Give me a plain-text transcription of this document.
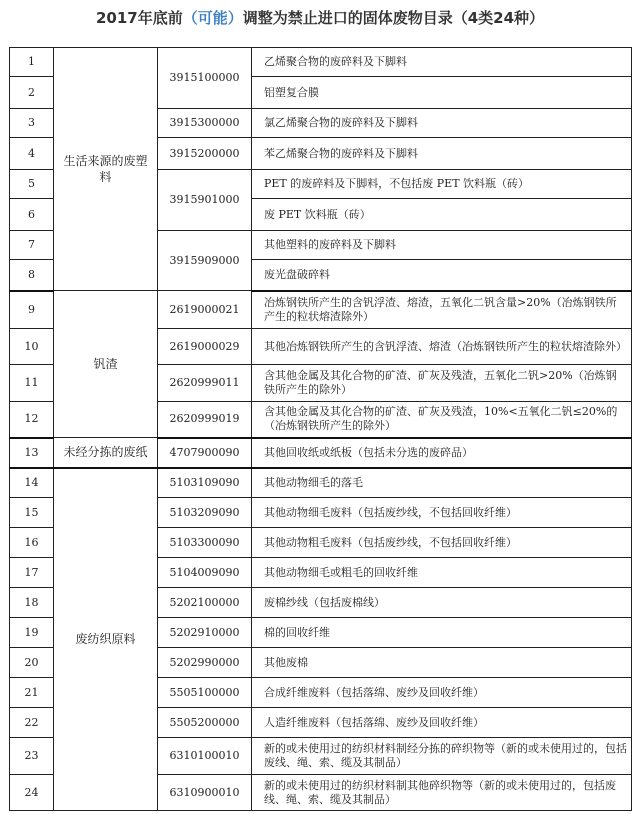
2017年底前（可能）调整为禁止进口的固体废物目录（4类24种）
1	生活来源的废塑料	3915100000	乙烯聚合物的废碎料及下脚料
2			铝塑复合膜
3		3915300000	氯乙烯聚合物的废碎料及下脚料
4		3915200000	苯乙烯聚合物的废碎料及下脚料
5		3915901000	PET 的废碎料及下脚料，不包括废 PET 饮料瓶（砖）
6			废 PET 饮料瓶（砖）
7		3915909000	其他塑料的废碎料及下脚料
8			废光盘破碎料
9	钒渣	2619000021	冶炼钢铁所产生的含钒浮渣、熔渣，五氧化二钒含量>20%（冶炼钢铁所产生的粒状熔渣除外）
10		2619000029	其他冶炼钢铁所产生的含钒浮渣、熔渣（冶炼钢铁所产生的粒状熔渣除外）
11		2620999011	含其他金属及其化合物的矿渣、矿灰及残渣，五氧化二钒>20%（冶炼钢铁所产生的除外）
12		2620999019	含其他金属及其化合物的矿渣、矿灰及残渣，10%<五氧化二钒≤20%的（冶炼钢铁所产生的除外）
13	未经分拣的废纸	4707900090	其他回收纸或纸板（包括未分选的废碎品）
14	废纺织原料	5103109090	其他动物细毛的落毛
15		5103209090	其他动物细毛废料（包括废纱线，不包括回收纤维）
16		5103300090	其他动物粗毛废料（包括废纱线，不包括回收纤维）
17		5104009090	其他动物细毛或粗毛的回收纤维
18		5202100000	废棉纱线（包括废棉线）
19		5202910000	棉的回收纤维
20		5202990000	其他废棉
21		5505100000	合成纤维废料（包括落绵、废纱及回收纤维）
22		5505200000	人造纤维废料（包括落绵、废纱及回收纤维）
23		6310100010	新的或未使用过的纺织材料制经分拣的碎织物等（新的或未使用过的，包括废线、绳、索、缆及其制品）
24		6310900010	新的或未使用过的纺织材料制其他碎织物等（新的或未使用过的，包括废线、绳、索、缆及其制品）
